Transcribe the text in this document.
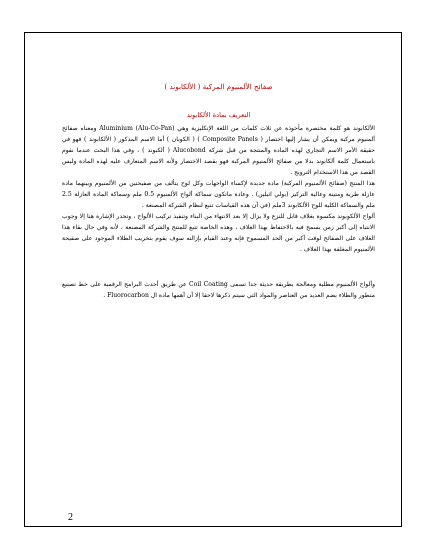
صفائح الألمنيوم المركبة ( الألكابوند )

التعريف بمادة الألكابوند

الألكابوند هو كلمة مختصرة مأخوذة عن ثلاث كلمات من اللغة الإنكليزية وهي Aluminium (Alu-Co-Pan) ومعناه صفائح ألمنيوم مركبة ويمكن أن يشار إليها اختصار ( Composite Panels ) ( الكوبان ) أما الاسم المذكور ( الألكابوند ) فهو في حقيقة الأمر الاسم التجاري لهذه المادة والمنتجة من قبل شركة Alucobond ( ألكبوند ) ، وفي هذا البحث عندما نقوم باستعمال كلمة ألكابوند بدلا من صفائح الألمنيوم المركبة فهو بقصد الاختصار ولأنه الاسم المتعارف عليه لهذه المادة وليس القصد من هذا الاستخدام الترويج .

هذا المنتج (صفائح الألمنيوم المركبة) مادة جديدة لإكساء الواجهات وكل لوح يتألف من صفيحتين من الألمنيوم وبينهما مادة عازلة طرية ومتينة وعالية التركيز (بولي اثيلين) . وعادة ماتكون سماكة ألواح الألمنيوم 0.5 ملم وسماكة المادة العازلة 2.5 ملم والسماكة الكلية للوح الألكابوند 3ملم (في أن هذه القياسات تتبع لنظام الشركة المصنعة .

ألواح الألكوبوند مكسوة بغلاف قابل للنزع ولا يزال إلا بعد الانتهاء من البناء وتنفيذ تركيب الألواح ، وتجدر الإشارة هنا إلا وجوب الانتباه إلى أكبر زمن يسمح فيه بالاحتفاظ بهذا الغلاف ، وهذه الخاصة تتبع للمنتج والشركة المصنعة ، لأنه وفي حال بقاء هذا الغلاف على الصفائح لوقت أكبر من الحد المسموح فإنه وعند القيام بإزالته سوف يقوم بتخريب الطلاء الموجود على صفيحة الألمنيوم المغلفة بهذا الغلاف .

وألواح الألمنيوم مطلية ومعالجة بطريقة حديثة جدا تسمى Coil Coating عن طريق أحدث البرامج الرقمية على خط تصنيع متطور والطلاء يضم العديد من العناصر والمواد التي سيتم ذكرها لاحقا إلا أن أهمها مادة ال Fluorocarbon .

2
